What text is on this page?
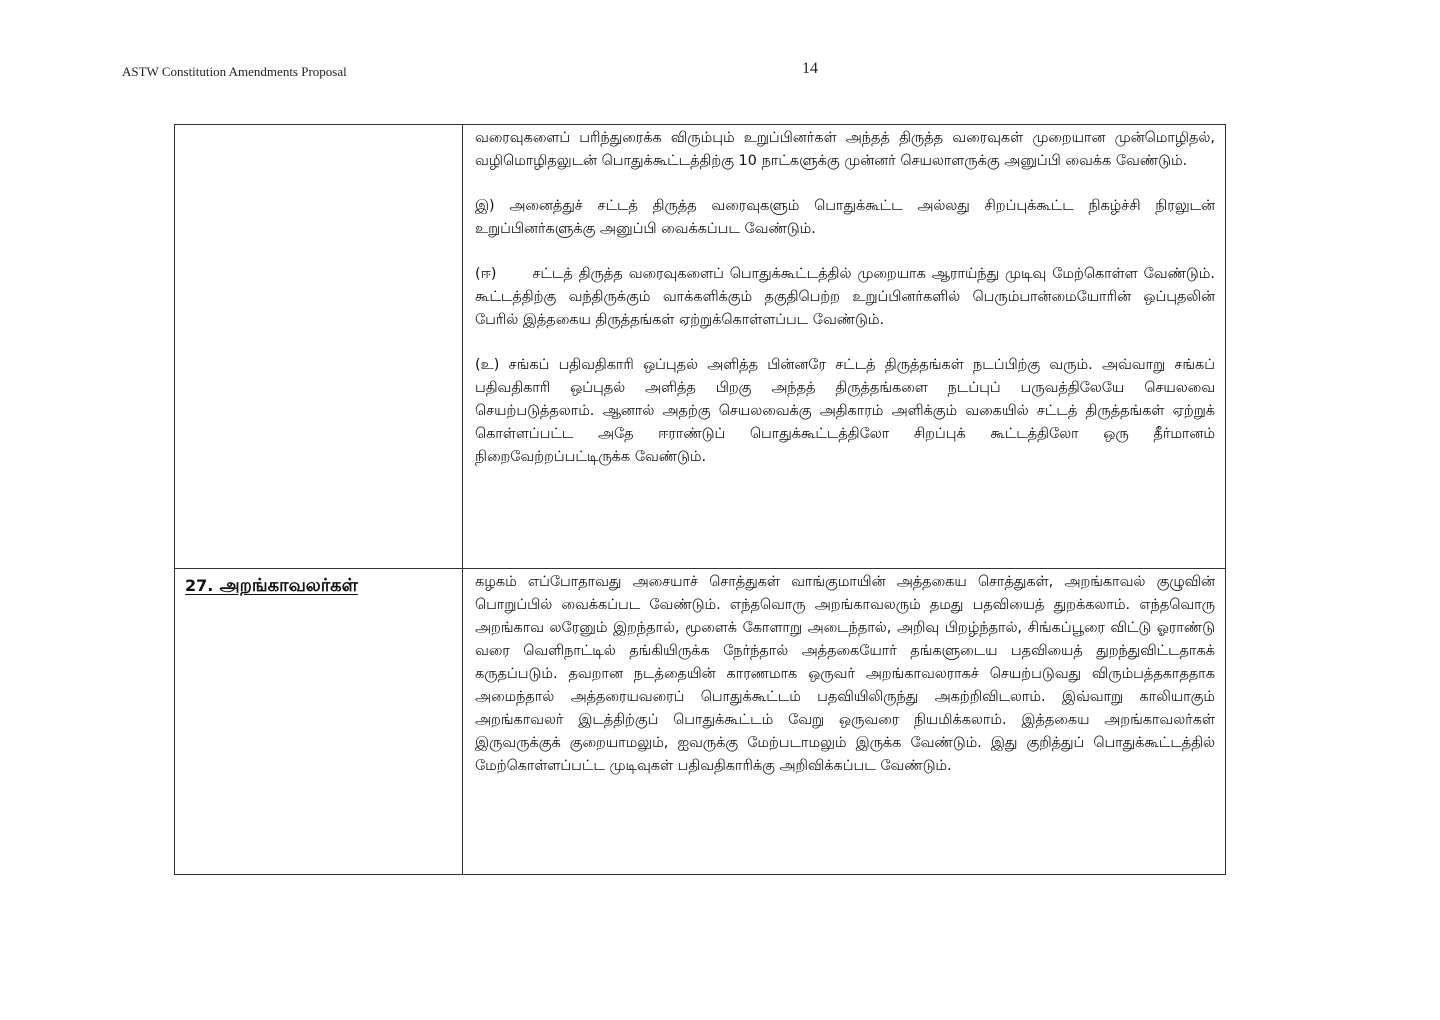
ASTW Constitution Amendments Proposal	14

	வரைவுகளைப் பரிந்துரைக்க விரும்பும் உறுப்பினர்கள் அந்தத் திருத்த வரைவுகள் முறையான முன்மொழிதல், வழிமொழிதலுடன் பொதுக்கூட்டத்திற்கு 10 நாட்களுக்கு முன்னர் செயலாளருக்கு அனுப்பி வைக்க வேண்டும்.

இ) அனைத்துச் சட்டத் திருத்த வரைவுகளும் பொதுக்கூட்ட அல்லது சிறப்புக்கூட்ட நிகழ்ச்சி நிரலுடன் உறுப்பினர்களுக்கு அனுப்பி வைக்கப்பட வேண்டும்.

(ஈ)      சட்டத் திருத்த வரைவுகளைப் பொதுக்கூட்டத்தில் முறையாக ஆராய்ந்து முடிவு மேற்கொள்ள வேண்டும். கூட்டத்திற்கு வந்திருக்கும் வாக்களிக்கும் தகுதிபெற்ற உறுப்பினர்களில் பெரும்பான்மையோரின் ஒப்புதலின் பேரில் இத்தகைய திருத்தங்கள் ஏற்றுக்கொள்ளப்பட வேண்டும்.

(உ) சங்கப் பதிவதிகாரி ஒப்புதல் அளித்த பின்னரே சட்டத் திருத்தங்கள் நடப்பிற்கு வரும். அவ்வாறு சங்கப் பதிவதிகாரி ஒப்புதல் அளித்த பிறகு அந்தத் திருத்தங்களை நடப்புப் பருவத்திலேயே செயலவை செயற்படுத்தலாம். ஆனால் அதற்கு செயலவைக்கு அதிகாரம் அளிக்கும் வகையில் சட்டத் திருத்தங்கள் ஏற்றுக் கொள்ளப்பட்ட அதே ஈராண்டுப் பொதுக்கூட்டத்திலோ சிறப்புக் கூட்டத்திலோ ஒரு தீர்மானம் நிறைவேற்றப்பட்டிருக்க வேண்டும்.

27. அறங்காவலர்கள்	கழகம் எப்போதாவது அசையாச் சொத்துகள் வாங்குமாயின் அத்தகைய சொத்துகள், அறங்காவல் குழுவின் பொறுப்பில் வைக்கப்பட வேண்டும். எந்தவொரு அறங்காவலரும் தமது பதவியைத் துறக்கலாம். எந்தவொரு அறங்காவ லரேனும் இறந்தால், மூளைக் கோளாறு அடைந்தால், அறிவு பிறழ்ந்தால், சிங்கப்பூரை விட்டு ஓராண்டு வரை வெளிநாட்டில் தங்கியிருக்க நேர்ந்தால் அத்தகையோர் தங்களுடைய பதவியைத் துறந்துவிட்டதாகக் கருதப்படும். தவறான நடத்தையின் காரணமாக ஒருவர் அறங்காவலராகச் செயற்படுவது விரும்பத்தகாததாக அமைந்தால் அத்தரையவரைப் பொதுக்கூட்டம் பதவியிலிருந்து அகற்றிவிடலாம். இவ்வாறு காலியாகும் அறங்காவலர் இடத்திற்குப் பொதுக்கூட்டம் வேறு ஒருவரை நியமிக்கலாம். இத்தகைய அறங்காவலர்கள் இருவருக்குக் குறையாமலும், ஐவருக்கு மேற்படாமலும் இருக்க வேண்டும். இது குறித்துப் பொதுக்கூட்டத்தில் மேற்கொள்ளப்பட்ட முடிவுகள் பதிவதிகாரிக்கு அறிவிக்கப்பட வேண்டும்.
